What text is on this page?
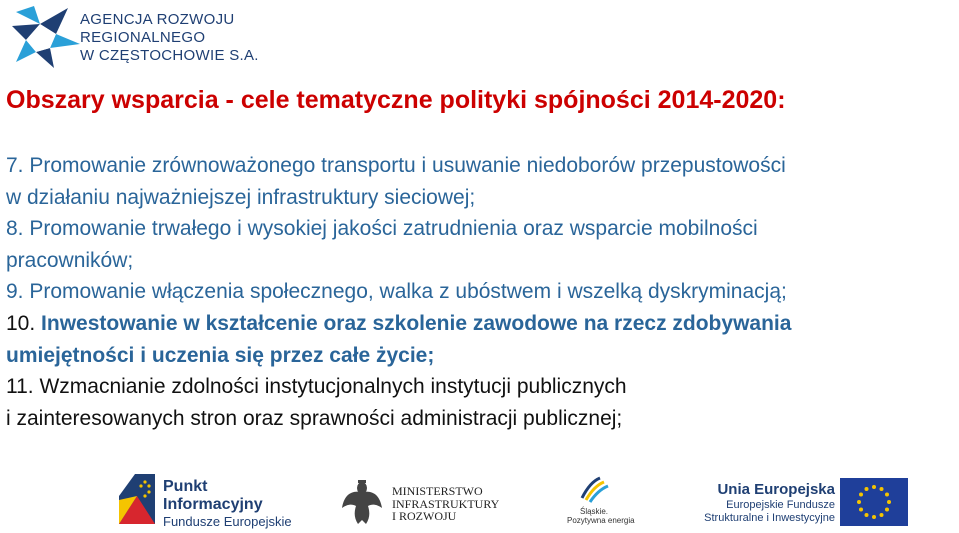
AGENCJA ROZWOJU
REGIONALNEGO
W CZĘSTOCHOWIE S.A.
Obszary wsparcia - cele tematyczne polityki spójności 2014-2020:
7. Promowanie zrównoważonego transportu i usuwanie niedoborów przepustowości
w działaniu najważniejszej infrastruktury sieciowej;
8. Promowanie trwałego i wysokiej jakości zatrudnienia oraz wsparcie mobilności
pracowników;
9. Promowanie włączenia społecznego, walka z ubóstwem i wszelką dyskryminacją;
10. Inwestowanie w kształcenie oraz szkolenie zawodowe na rzecz zdobywania
umiejętności i uczenia się przez całe życie;
11. Wzmacnianie zdolności instytucjonalnych instytucji publicznych
i zainteresowanych stron oraz sprawności administracji publicznej;
Punkt
Informacyjny
Fundusze Europejskie
MINISTERSTWO
INFRASTRUKTURY
I ROZWOJU	Śląskie.
Pozytywna energia
Unia Europejska
Europejskie Fundusze
Strukturalne i Inwestycyjne
